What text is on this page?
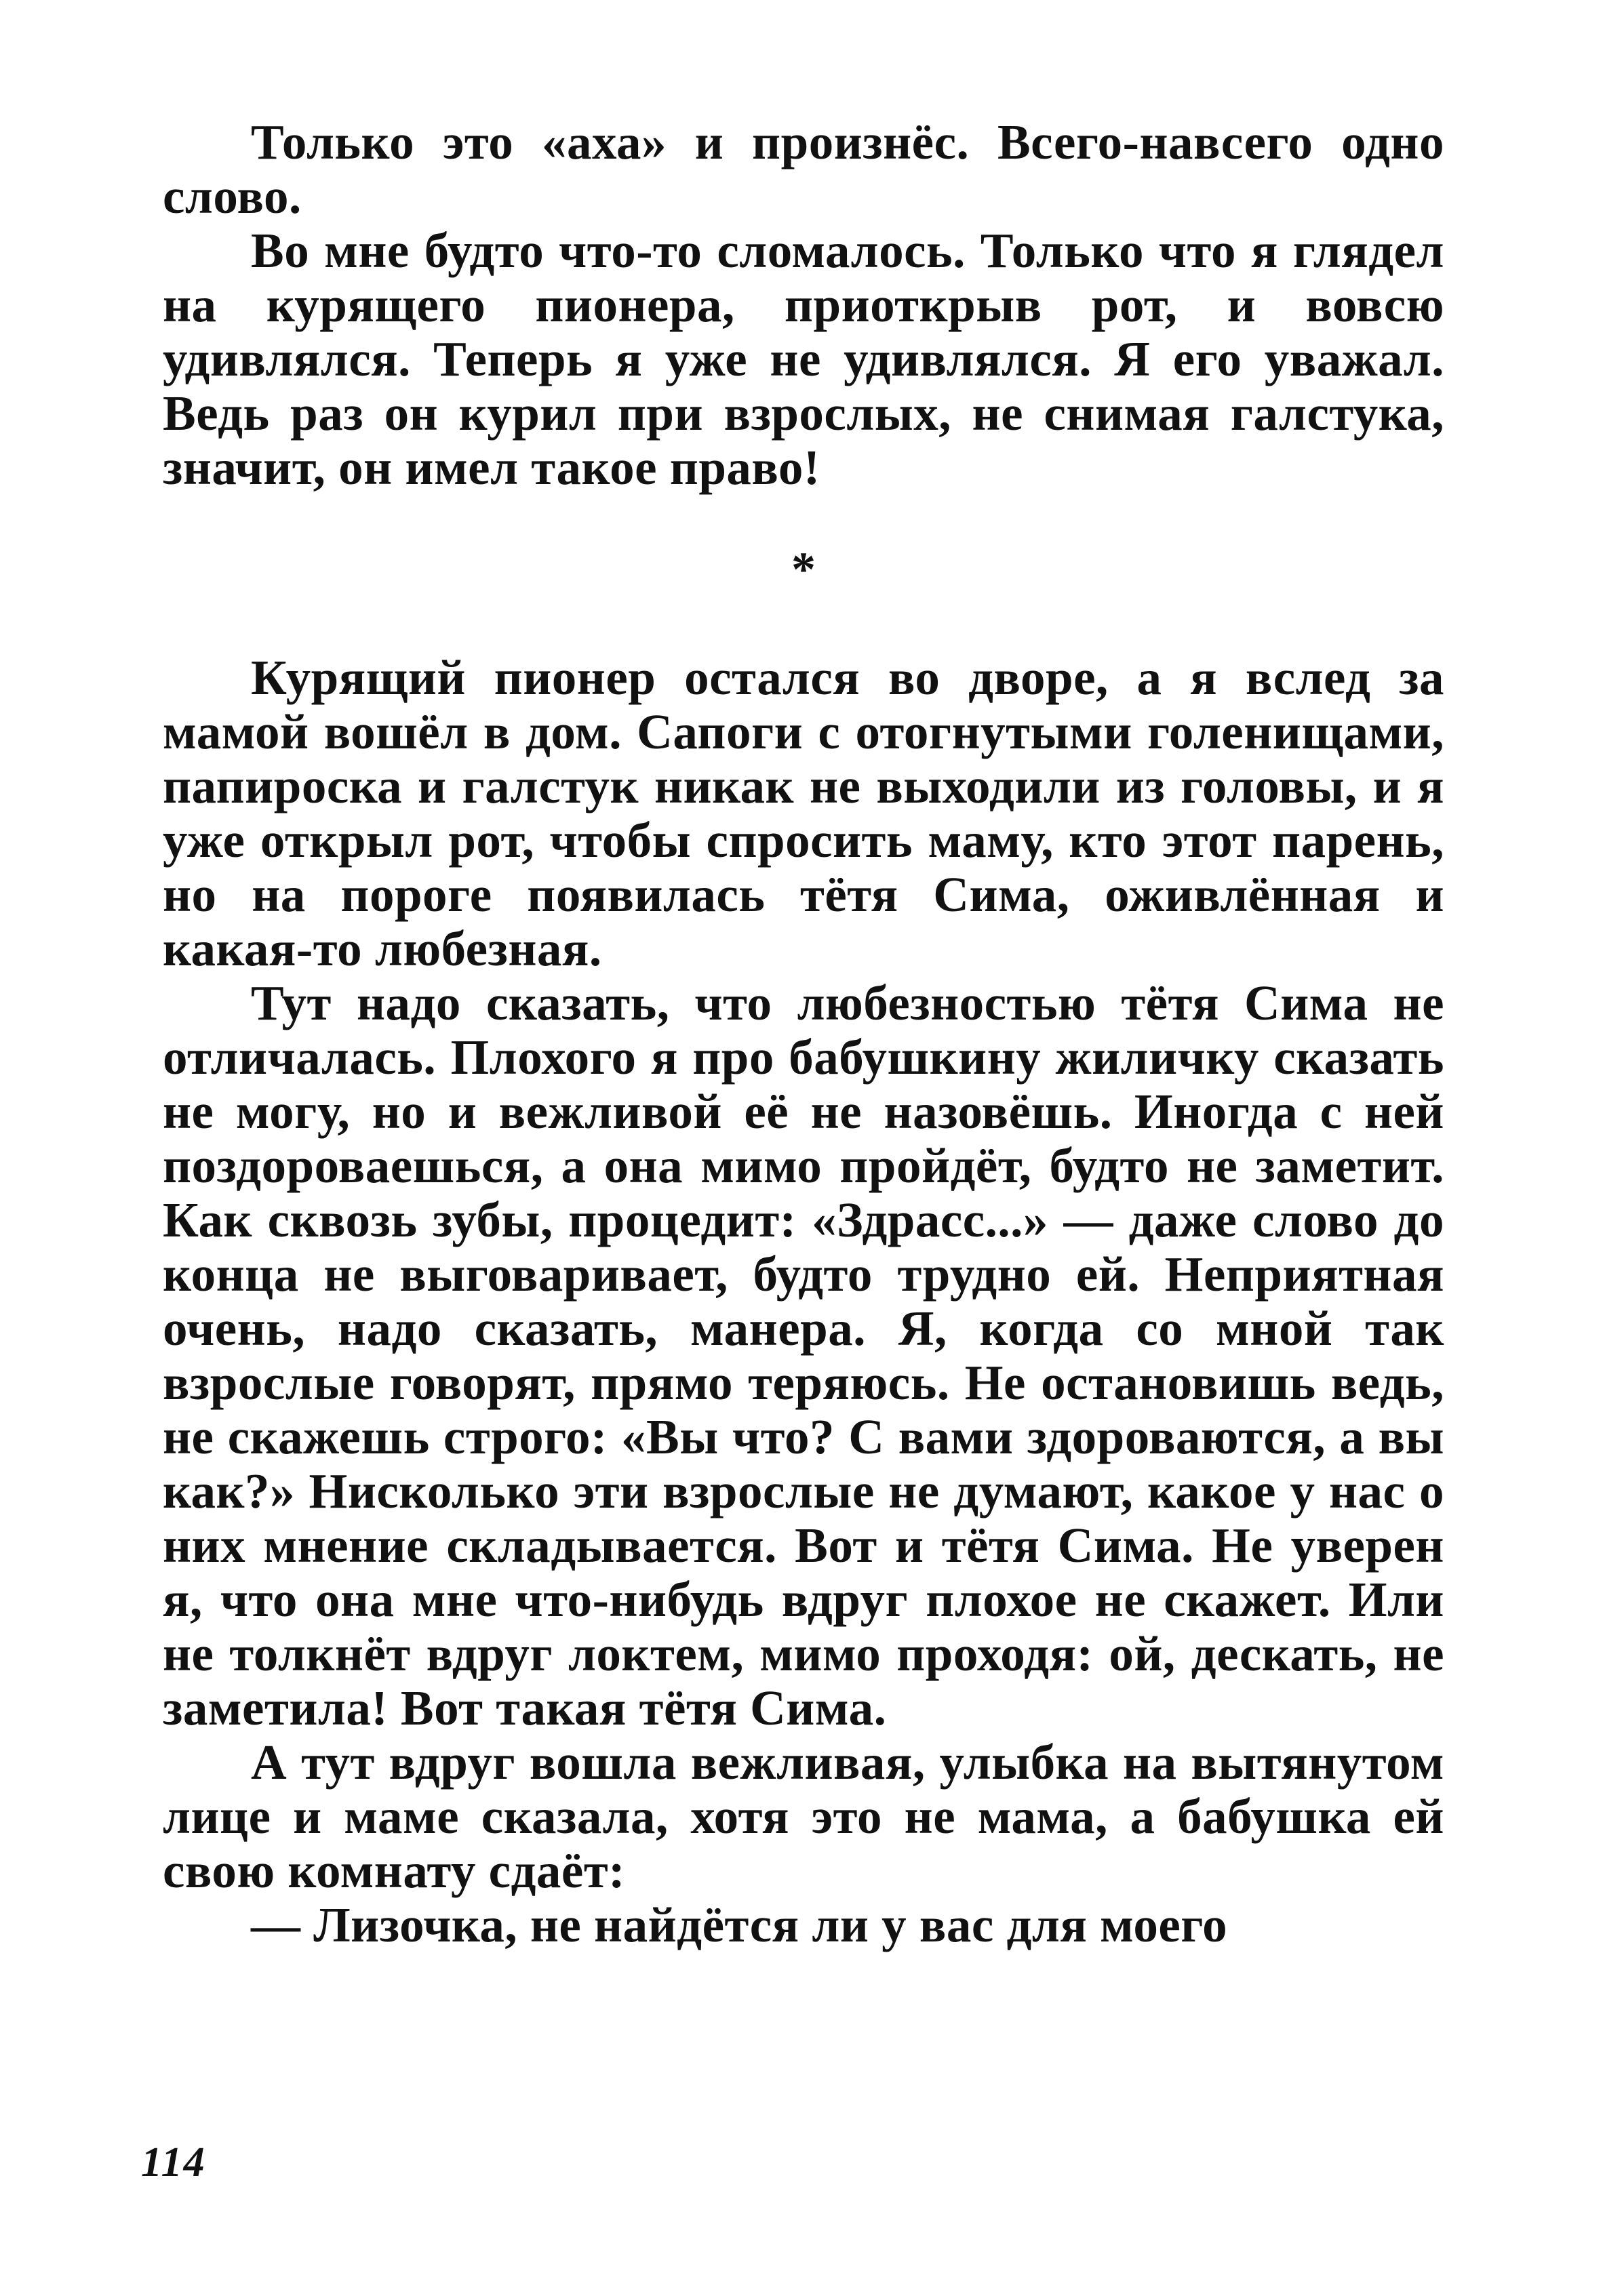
Только это «аха» и произнёс. Всего-навсего одно слово.

Во мне будто что-то сломалось. Только что я глядел на курящего пионера, приоткрыв рот, и вовсю удивлялся. Теперь я уже не удивлялся. Я его уважал. Ведь раз он курил при взрослых, не снимая галстука, значит, он имел такое право!

*

Курящий пионер остался во дворе, а я вслед за мамой вошёл в дом. Сапоги с отогнутыми голенищами, папироска и галстук никак не выходили из головы, и я уже открыл рот, чтобы спросить маму, кто этот парень, но на пороге появилась тётя Сима, оживлённая и какая-то любезная.

Тут надо сказать, что любезностью тётя Сима не отличалась. Плохого я про бабушкину жиличку сказать не могу, но и вежливой её не назовёшь. Иногда с ней поздороваешься, а она мимо пройдёт, будто не заметит. Как сквозь зубы, процедит: «Здрасс...» — даже слово до конца не выговаривает, будто трудно ей. Неприятная очень, надо сказать, манера. Я, когда со мной так взрослые говорят, прямо теряюсь. Не остановишь ведь, не скажешь строго: «Вы что? С вами здороваются, а вы как?» Нисколько эти взрослые не думают, какое у нас о них мнение складывается. Вот и тётя Сима. Не уверен я, что она мне что-нибудь вдруг плохое не скажет. Или не толкнёт вдруг локтем, мимо проходя: ой, дескать, не заметила! Вот такая тётя Сима.

А тут вдруг вошла вежливая, улыбка на вытянутом лице и маме сказала, хотя это не мама, а бабушка ей свою комнату сдаёт:

— Лизочка, не найдётся ли у вас для моего

114
